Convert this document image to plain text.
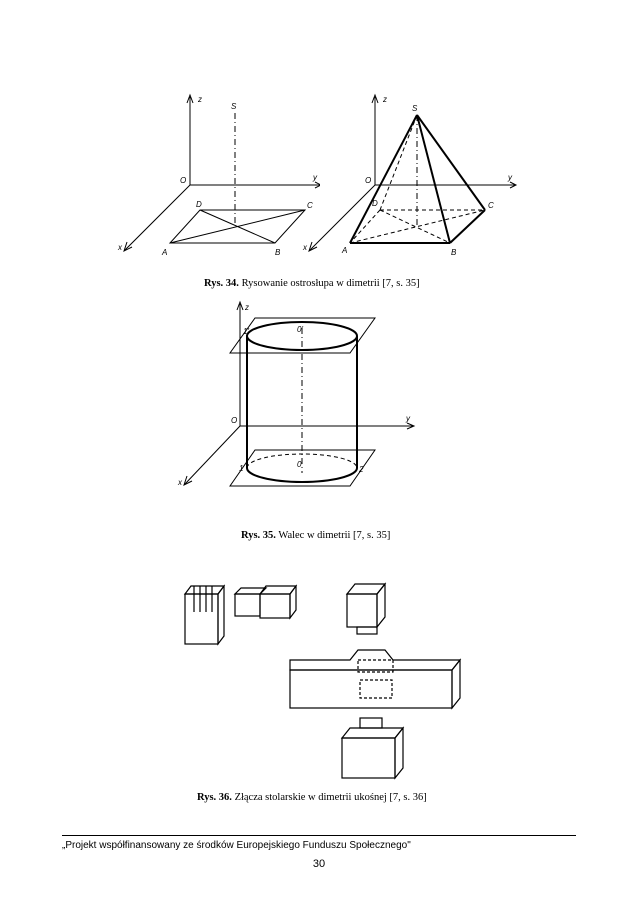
z
S
y
O
x
D	C
A	B
z
S
y
O
x
D	C
A	B
Rys. 34. Rysowanie ostrosłupa w dimetrii [7, s. 35]
z
O	y
x
1'	0'
1	0
2
Rys. 35. Walec w dimetrii [7, s. 35]
Rys. 36. Złącza stolarskie w dimetrii ukośnej [7, s. 36]
„Projekt współfinansowany ze środków Europejskiego Funduszu Społecznego"
30
